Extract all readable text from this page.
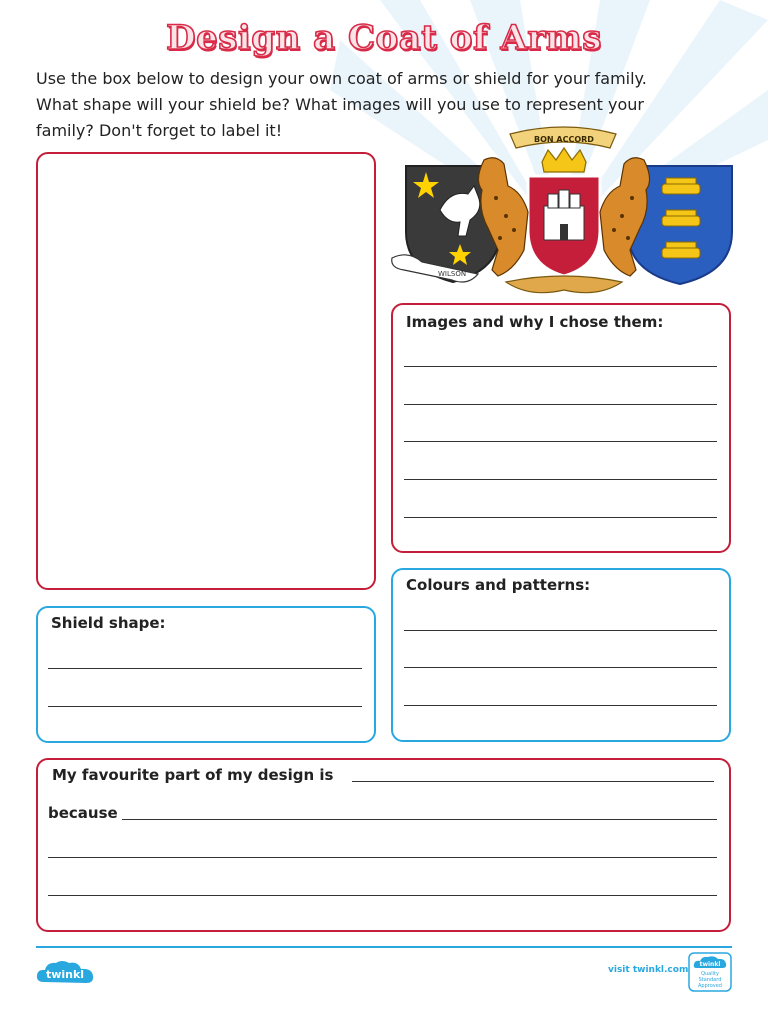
Design a Coat of Arms

Use the box below to design your own coat of arms or shield for your family.

What shape will your shield be? What images will you use to represent your

family? Don't forget to label it!

WILSON
BON ACCORD
Images and why I chose them:
Colours and patterns:
Shield shape:
My favourite part of my design is
because
twinkl	visit twinkl.com
twinkl
Quality Standard Approved
